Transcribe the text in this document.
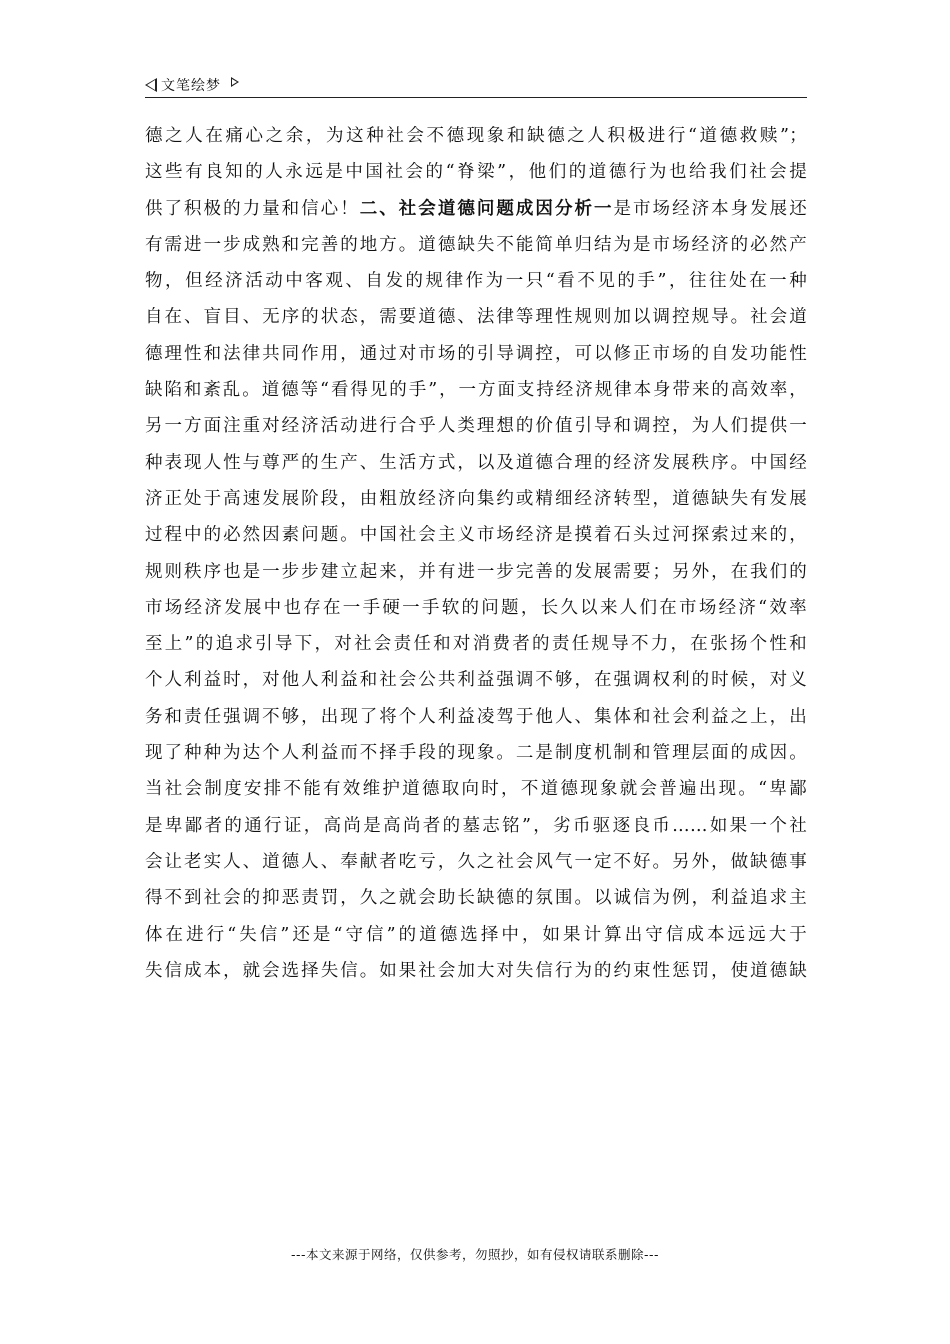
文笔绘梦
德之人在痛心之余，为这种社会不德现象和缺德之人积极进行“道德救赎”；
这些有良知的人永远是中国社会的“脊梁”，他们的道德行为也给我们社会提
供了积极的力量和信心！二、社会道德问题成因分析一是市场经济本身发展还
有需进一步成熟和完善的地方。道德缺失不能简单归结为是市场经济的必然产
物，但经济活动中客观、自发的规律作为一只“看不见的手”，往往处在一种
自在、盲目、无序的状态，需要道德、法律等理性规则加以调控规导。社会道
德理性和法律共同作用，通过对市场的引导调控，可以修正市场的自发功能性
缺陷和紊乱。道德等“看得见的手”，一方面支持经济规律本身带来的高效率，
另一方面注重对经济活动进行合乎人类理想的价值引导和调控，为人们提供一
种表现人性与尊严的生产、生活方式，以及道德合理的经济发展秩序。中国经
济正处于高速发展阶段，由粗放经济向集约或精细经济转型，道德缺失有发展
过程中的必然因素问题。中国社会主义市场经济是摸着石头过河探索过来的，
规则秩序也是一步步建立起来，并有进一步完善的发展需要；另外，在我们的
市场经济发展中也存在一手硬一手软的问题，长久以来人们在市场经济“效率
至上”的追求引导下，对社会责任和对消费者的责任规导不力，在张扬个性和
个人利益时，对他人利益和社会公共利益强调不够，在强调权利的时候，对义
务和责任强调不够，出现了将个人利益凌驾于他人、集体和社会利益之上，出
现了种种为达个人利益而不择手段的现象。二是制度机制和管理层面的成因。
当社会制度安排不能有效维护道德取向时，不道德现象就会普遍出现。“卑鄙
是卑鄙者的通行证，高尚是高尚者的墓志铭”，劣币驱逐良币……如果一个社
会让老实人、道德人、奉献者吃亏，久之社会风气一定不好。另外，做缺德事
得不到社会的抑恶责罚，久之就会助长缺德的氛围。以诚信为例，利益追求主
体在进行“失信”还是“守信”的道德选择中，如果计算出守信成本远远大于
失信成本，就会选择失信。如果社会加大对失信行为的约束性惩罚，使道德缺
---本文来源于网络，仅供参考，勿照抄，如有侵权请联系删除---
